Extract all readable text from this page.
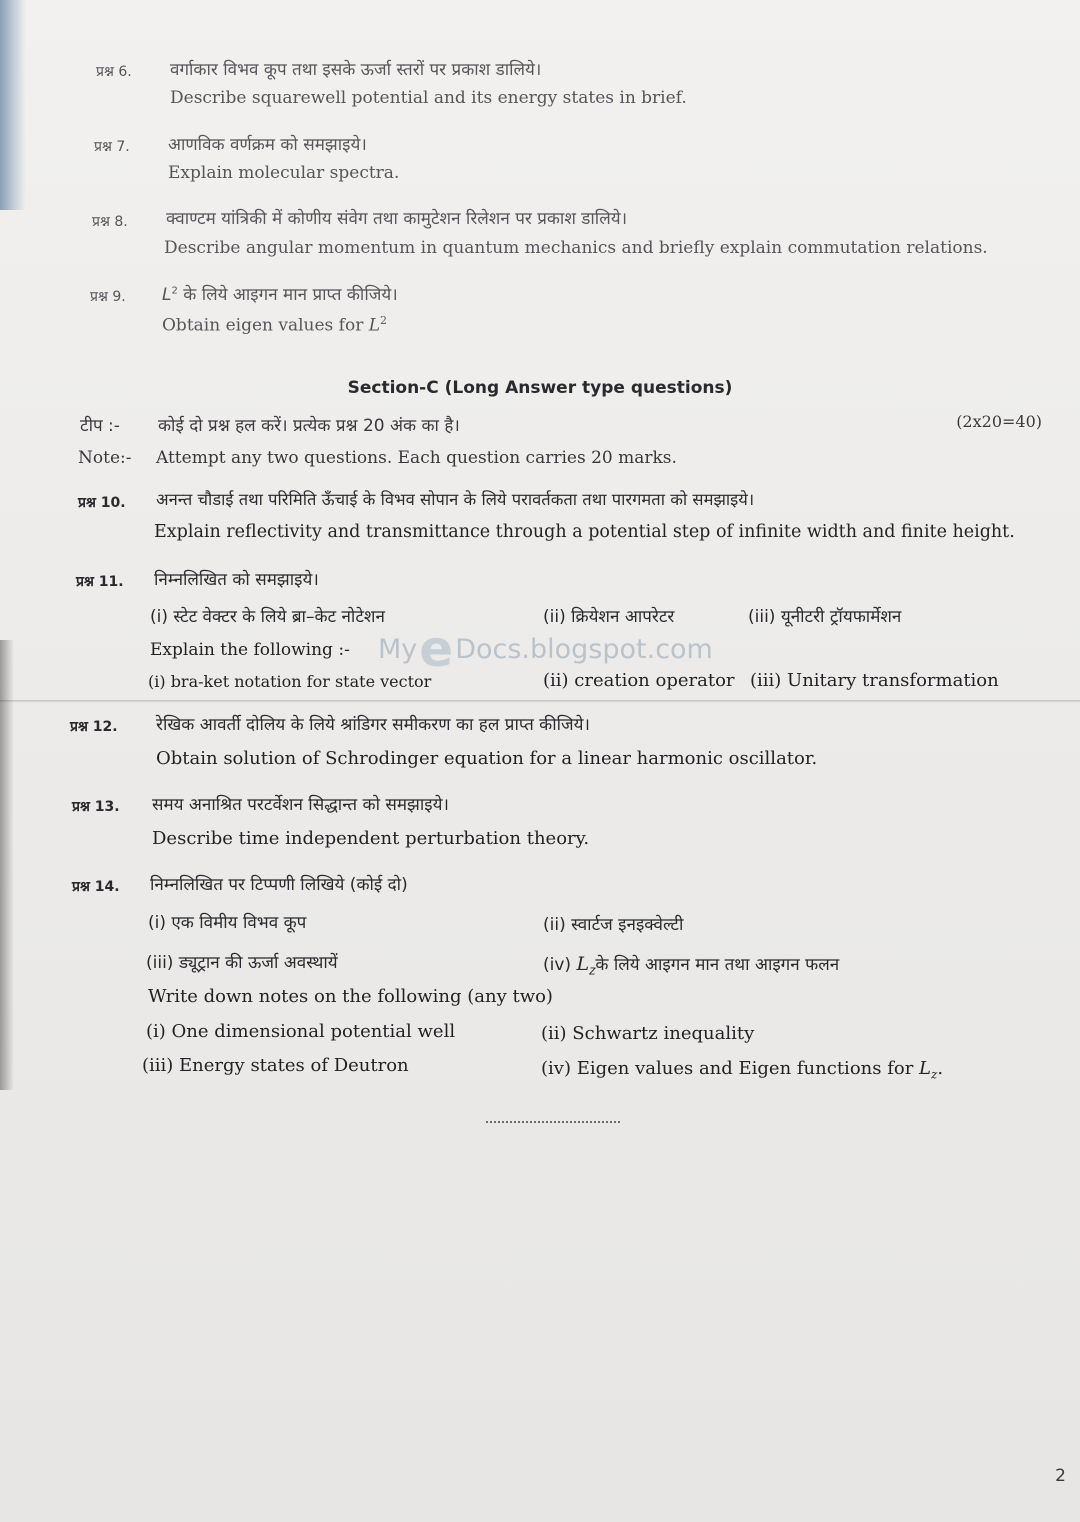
प्रश्न 6. वर्गाकार विभव कूप तथा इसके ऊर्जा स्तरों पर प्रकाश डालिये।
Describe squarewell potential and its energy states in brief.
प्रश्न 7. आणविक वर्णक्रम को समझाइये।
Explain molecular spectra.
प्रश्न 8. क्वाण्टम यांत्रिकी में कोणीय संवेग तथा कामुटेशन रिलेशन पर प्रकाश डालिये।
Describe angular momentum in quantum mechanics and briefly explain commutation relations.
प्रश्न 9. $L^2$ के लिये आइगन मान प्राप्त कीजिये।
Obtain eigen values for $L^2$
Section-C (Long Answer type questions)
टीप :- कोई दो प्रश्न हल करें। प्रत्येक प्रश्न 20 अंक का है।	(2x20=40)
Note:- Attempt any two questions. Each question carries 20 marks.
प्रश्न 10. अनन्त चौडाई तथा परिमिति ऊँचाई के विभव सोपान के लिये परावर्तकता तथा पारगमता को समझाइये।
Explain reflectivity and transmittance through a potential step of infinite width and finite height.
प्रश्न 11. निम्नलिखित को समझाइये।
(i) स्टेट वेक्टर के लिये ब्रा–केट नोटेशन	(ii) क्रियेशन आपरेटर	(iii) यूनीटरी ट्रॉयफार्मेशन
Explain the following :-
(i) bra-ket notation for state vector	(ii) creation operator (iii) Unitary transformation
MyeDocs.blogspot.com
प्रश्न 12. रेखिक आवर्ती दोलिय के लिये श्रांडिगर समीकरण का हल प्राप्त कीजिये।
Obtain solution of Schrodinger equation for a linear harmonic oscillator.
प्रश्न 13. समय अनाश्रित परटर्वेशन सिद्धान्त को समझाइये।
Describe time independent perturbation theory.
प्रश्न 14. निम्नलिखित पर टिप्पणी लिखिये (कोई दो)
(i) एक विमीय विभव कूप	(ii) स्वार्टज इनइक्वेल्टी
(iii) ड्यूट्रान की ऊर्जा अवस्थायें	(iv) $L_zके$ लिये आइगन मान तथा आइगन फलन
Write down notes on the following (any two)
(i) One dimensional potential well	(ii) Schwartz inequality
(iii) Energy states of Deutron	(iv) Eigen values and Eigen functions for $L_z$.
2
